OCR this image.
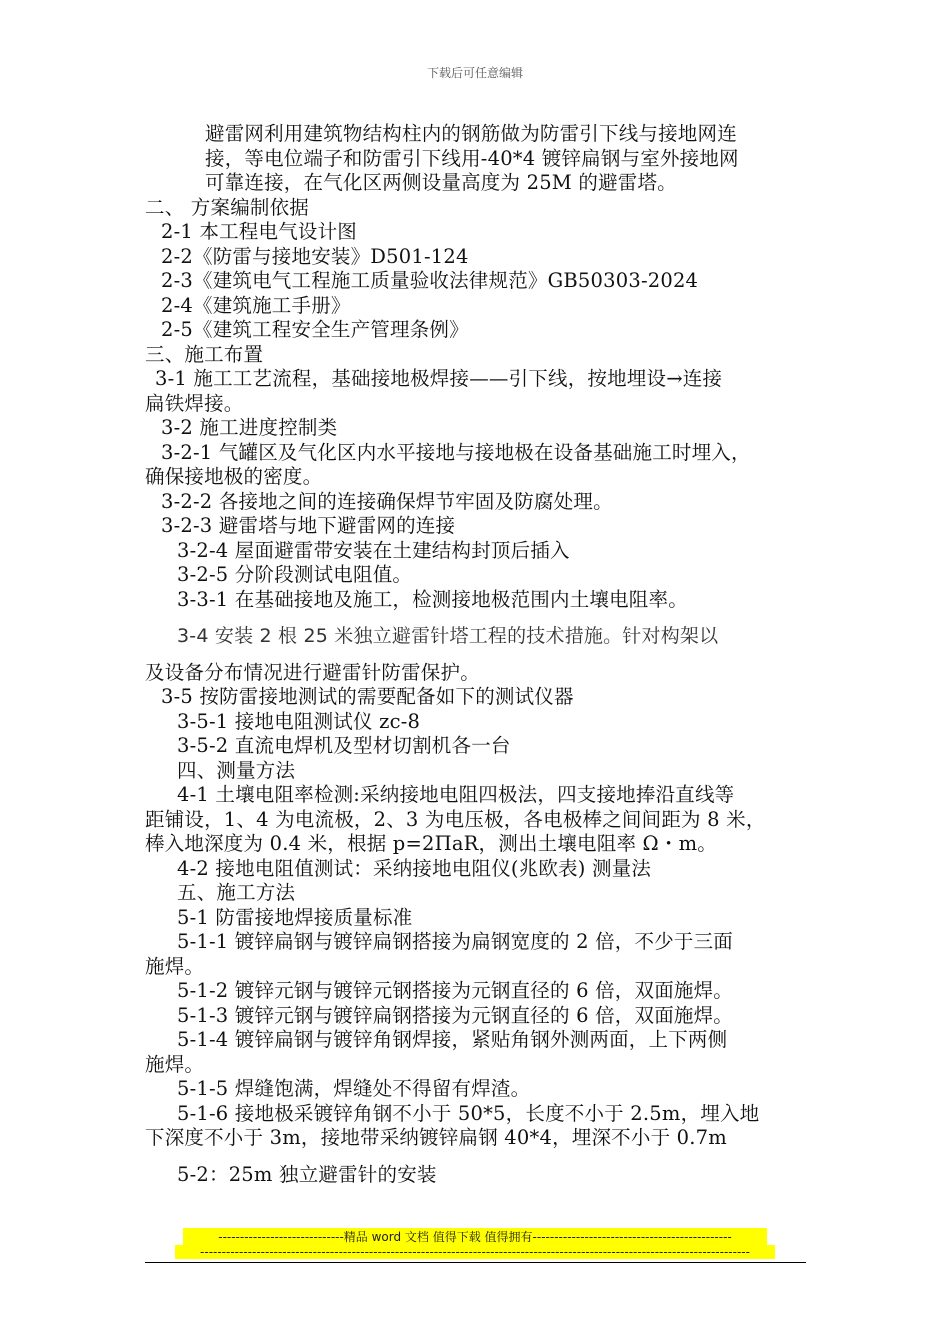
下载后可任意编辑
避雷网利用建筑物结构柱内的钢筋做为防雷引下线与接地网连
接，等电位端子和防雷引下线用-40*4 镀锌扁钢与室外接地网
可靠连接，在气化区两侧设量高度为 25M 的避雷塔。
二、 方案编制依据
2-1 本工程电气设计图
2-2《防雷与接地安装》D501-124
2-3《建筑电气工程施工质量验收法律规范》GB50303-2024
2-4《建筑施工手册》
2-5《建筑工程安全生产管理条例》
三、施工布置
3-1 施工工艺流程，基础接地极焊接——引下线，按地埋设→连接
扁铁焊接。
3-2 施工进度控制类
3-2-1 气罐区及气化区内水平接地与接地极在设备基础施工时埋入，
确保接地极的密度。
3-2-2 各接地之间的连接确保焊节牢固及防腐处理。
3-2-3 避雷塔与地下避雷网的连接
3-2-4 屋面避雷带安装在土建结构封顶后插入
3-2-5 分阶段测试电阻值。
3-3-1 在基础接地及施工，检测接地极范围内土壤电阻率。
3-4 安装 2 根 25 米独立避雷针塔工程的技术措施。针对构架以
及设备分布情况进行避雷针防雷保护。
3-5 按防雷接地测试的需要配备如下的测试仪器
3-5-1 接地电阻测试仪 zc-8
3-5-2 直流电焊机及型材切割机各一台
四、测量方法
4-1 土壤电阻率检测:采纳接地电阻四极法，四支接地捧沿直线等
距铺设，1、4 为电流极，2、3 为电压极，各电极棒之间间距为 8 米，
棒入地深度为 0.4 米，根据 p=2ΠaR，测出土壤电阻率 Ω・m。
4-2 接地电阻值测试：采纳接地电阻仪(兆欧表) 测量法
五、施工方法
5-1 防雷接地焊接质量标准
5-1-1 镀锌扁钢与镀锌扁钢搭接为扁钢宽度的 2 倍，不少于三面
施焊。
5-1-2 镀锌元钢与镀锌元钢搭接为元钢直径的 6 倍，双面施焊。
5-1-3 镀锌元钢与镀锌扁钢搭接为元钢直径的 6 倍，双面施焊。
5-1-4 镀锌扁钢与镀锌角钢焊接，紧贴角钢外测两面，上下两侧
施焊。
5-1-5 焊缝饱满，焊缝处不得留有焊渣。
5-1-6 接地极采镀锌角钢不小于 50*5，长度不小于 2.5m，埋入地
下深度不小于 3m，接地带采纳镀锌扁钢 40*4，埋深不小于 0.7m
5-2：25m 独立避雷针的安装
-----------------------------精品 word 文档 值得下载 值得拥有----------------------------------------------
-------------------------------------------------------------------------------------------------------------------------------
